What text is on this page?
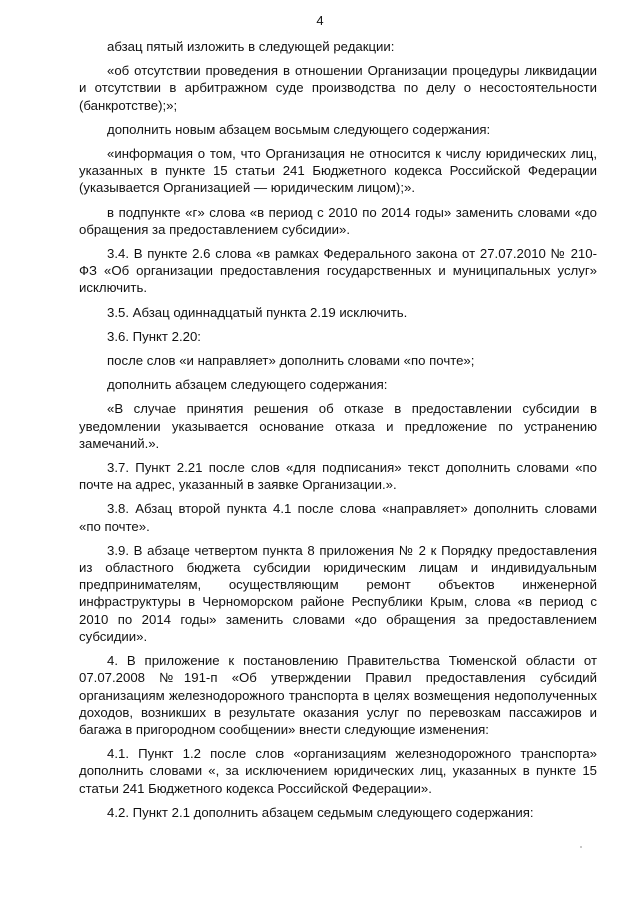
4

абзац пятый изложить в следующей редакции:

«об отсутствии проведения в отношении Организации процедуры ликвидации и отсутствии в арбитражном суде производства по делу о несостоятельности (банкротстве);»;

дополнить новым абзацем восьмым следующего содержания:

«информация о том, что Организация не относится к числу юридических лиц, указанных в пункте 15 статьи 241 Бюджетного кодекса Российской Федерации (указывается Организацией — юридическим лицом);».

в подпункте «г» слова «в период с 2010 по 2014 годы» заменить словами «до обращения за предоставлением субсидии».

3.4. В пункте 2.6 слова «в рамках Федерального закона от 27.07.2010 № 210-ФЗ «Об организации предоставления государственных и муниципальных услуг» исключить.

3.5. Абзац одиннадцатый пункта 2.19 исключить.

3.6. Пункт 2.20:

после слов «и направляет» дополнить словами «по почте»;

дополнить абзацем следующего содержания:

«В случае принятия решения об отказе в предоставлении субсидии в уведомлении указывается основание отказа и предложение по устранению замечаний.».

3.7. Пункт 2.21 после слов «для подписания» текст дополнить словами «по почте на адрес, указанный в заявке Организации.».

3.8. Абзац второй пункта 4.1 после слова «направляет» дополнить словами «по почте».

3.9. В абзаце четвертом пункта 8 приложения № 2 к Порядку предоставления из областного бюджета субсидии юридическим лицам и индивидуальным предпринимателям, осуществляющим ремонт объектов инженерной инфраструктуры в Черноморском районе Республики Крым, слова «в период с 2010 по 2014 годы» заменить словами «до обращения за предоставлением субсидии».

4. В приложение к постановлению Правительства Тюменской области от 07.07.2008 №191-п «Об утверждении Правил предоставления субсидий организациям железнодорожного транспорта в целях возмещения недополученных доходов, возникших в результате оказания услуг по перевозкам пассажиров и багажа в пригородном сообщении» внести следующие изменения:

4.1. Пункт 1.2 после слов «организациям железнодорожного транспорта» дополнить словами «, за исключением юридических лиц, указанных в пункте 15 статьи 241 Бюджетного кодекса Российской Федерации».

4.2. Пункт 2.1 дополнить абзацем седьмым следующего содержания:
